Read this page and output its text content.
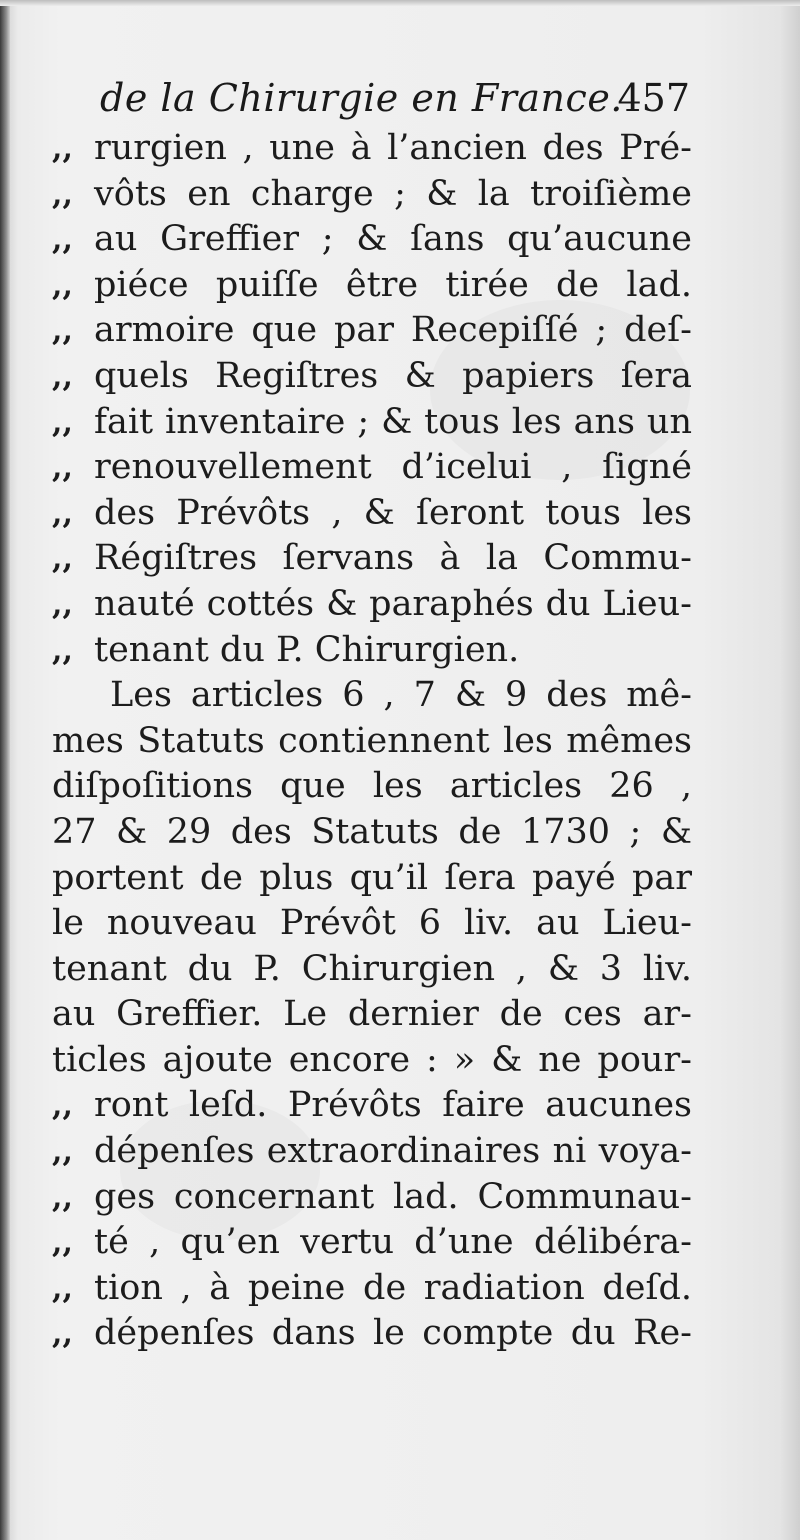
de la Chirurgie en France.
457
,, rurgien , une à l’ancien des Pré-
,, vôts en charge ; & la troiſième
,, au Greffier ; & ſans qu’aucune
,, piéce puiſſe être tirée de lad.
,, armoire que par Recepiſſé ; deſ-
,, quels Regiſtres & papiers ſera
,, fait inventaire ; & tous les ans un
,, renouvellement d’icelui , ſigné
,, des Prévôts , & ſeront tous les
,, Régiſtres ſervans à la Commu-
,, nauté cottés & paraphés du Lieu-
,, tenant du P. Chirurgien.
Les articles 6 , 7 & 9 des mê-
mes Statuts contiennent les mêmes
diſpoſitions que les articles 26 ,
27 & 29 des Statuts de 1730 ; &
portent de plus qu’il ſera payé par
le nouveau Prévôt 6 liv. au Lieu-
tenant du P. Chirurgien , & 3 liv.
au Greffier. Le dernier de ces ar-
ticles ajoute encore : » & ne pour-
,, ront leſd. Prévôts faire aucunes
,, dépenſes extraordinaires ni voya-
,, ges concernant lad. Communau-
,, té , qu’en vertu d’une délibéra-
,, tion , à peine de radiation deſd.
,, dépenſes dans le compte du Re-
